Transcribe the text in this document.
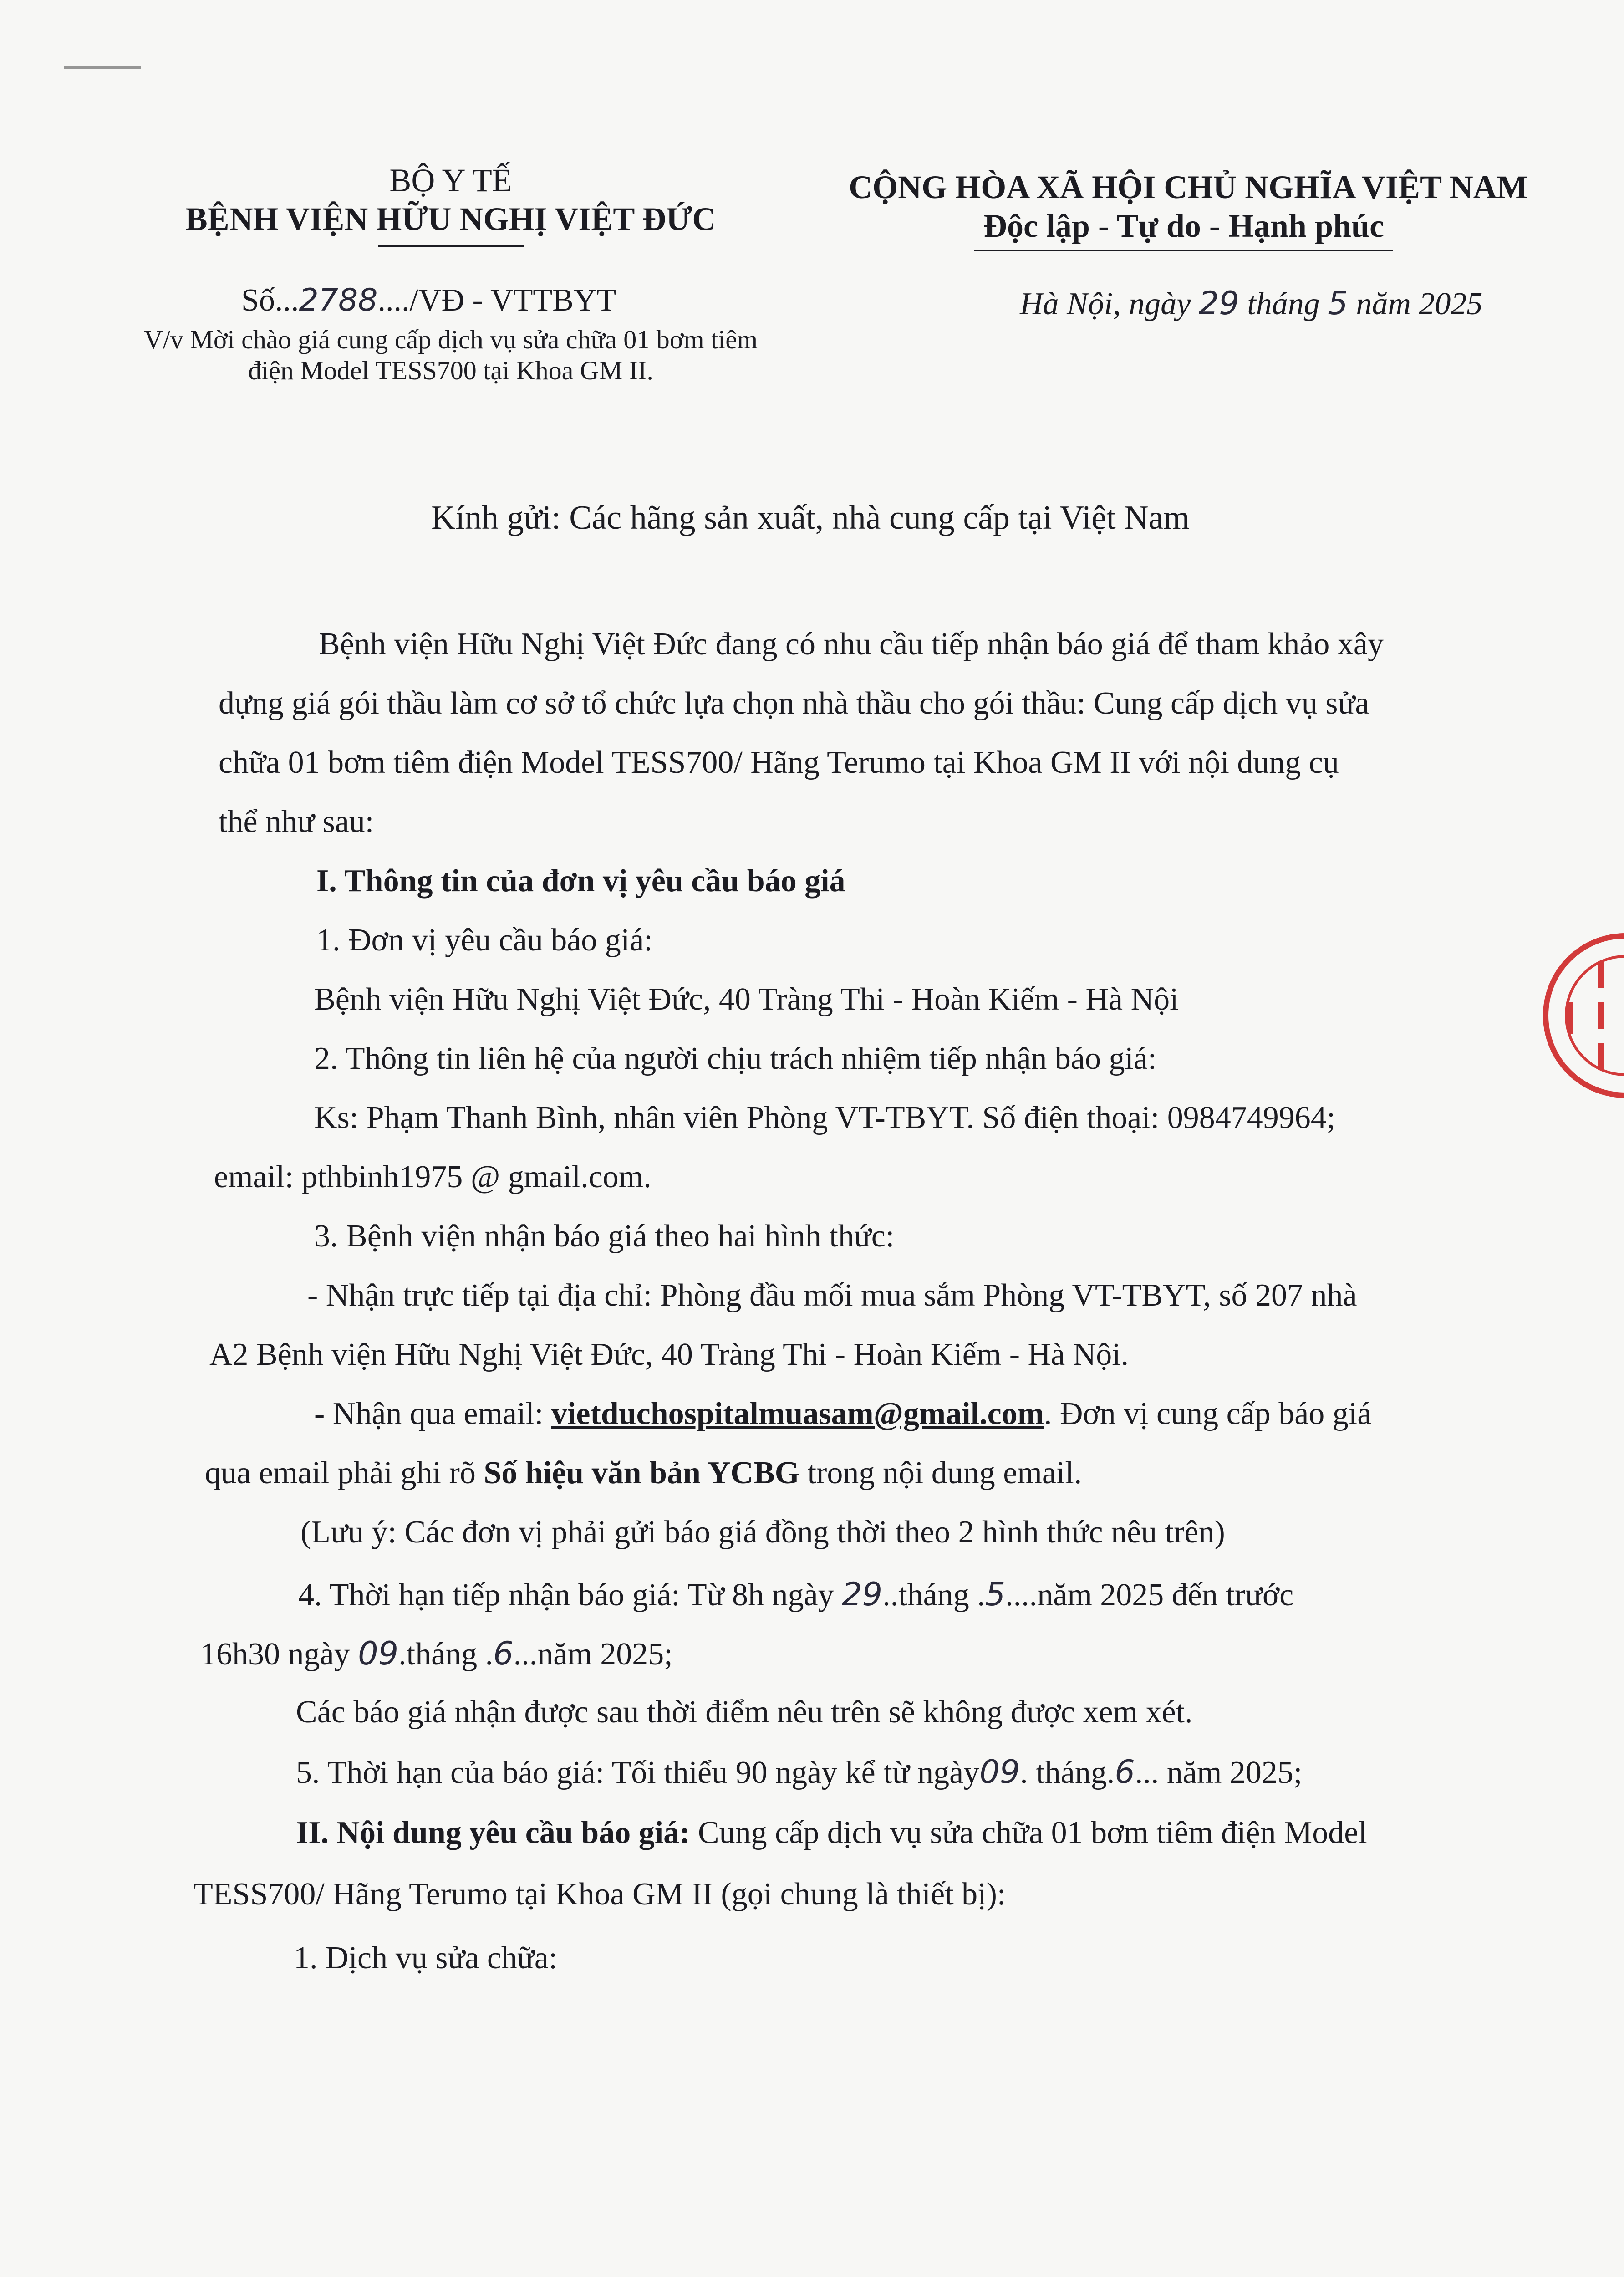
BỘ Y TẾ
BỆNH VIỆN HỮU NGHỊ VIỆT ĐỨC
Số...2788..../VĐ - VTTBYT
V/v Mời chào giá cung cấp dịch vụ sửa chữa 01 bơm tiêm
điện Model TESS700 tại Khoa GM II.
CỘNG HÒA XÃ HỘI CHỦ NGHĨA VIỆT NAM
Độc lập - Tự do - Hạnh phúc
Hà Nội, ngày 29 tháng 5 năm 2025
Kính gửi: Các hãng sản xuất, nhà cung cấp tại Việt Nam
Bệnh viện Hữu Nghị Việt Đức đang có nhu cầu tiếp nhận báo giá để tham khảo xây
dựng giá gói thầu làm cơ sở tổ chức lựa chọn nhà thầu cho gói thầu: Cung cấp dịch vụ sửa
chữa 01 bơm tiêm điện Model TESS700/ Hãng Terumo tại Khoa GM II với nội dung cụ
thể như sau:
I. Thông tin của đơn vị yêu cầu báo giá
1. Đơn vị yêu cầu báo giá:
Bệnh viện Hữu Nghị Việt Đức, 40 Tràng Thi - Hoàn Kiếm - Hà Nội
2. Thông tin liên hệ của người chịu trách nhiệm tiếp nhận báo giá:
Ks: Phạm Thanh Bình, nhân viên Phòng VT-TBYT. Số điện thoại: 0984749964;
email: pthbinh1975 @ gmail.com.
3. Bệnh viện nhận báo giá theo hai hình thức:
- Nhận trực tiếp tại địa chỉ: Phòng đầu mối mua sắm Phòng VT-TBYT, số 207 nhà
A2 Bệnh viện Hữu Nghị Việt Đức, 40 Tràng Thi - Hoàn Kiếm - Hà Nội.
- Nhận qua email: vietduchospitalmuasam@gmail.com. Đơn vị cung cấp báo giá
qua email phải ghi rõ Số hiệu văn bản YCBG trong nội dung email.
(Lưu ý: Các đơn vị phải gửi báo giá đồng thời theo 2 hình thức nêu trên)
4. Thời hạn tiếp nhận báo giá: Từ 8h ngày 29..tháng .5....năm 2025 đến trước
16h30 ngày 09.tháng .6...năm 2025;
Các báo giá nhận được sau thời điểm nêu trên sẽ không được xem xét.
5. Thời hạn của báo giá: Tối thiểu 90 ngày kể từ ngày09. tháng.6... năm 2025;
II. Nội dung yêu cầu báo giá: Cung cấp dịch vụ sửa chữa 01 bơm tiêm điện Model
TESS700/ Hãng Terumo tại Khoa GM II (gọi chung là thiết bị):
1. Dịch vụ sửa chữa:
